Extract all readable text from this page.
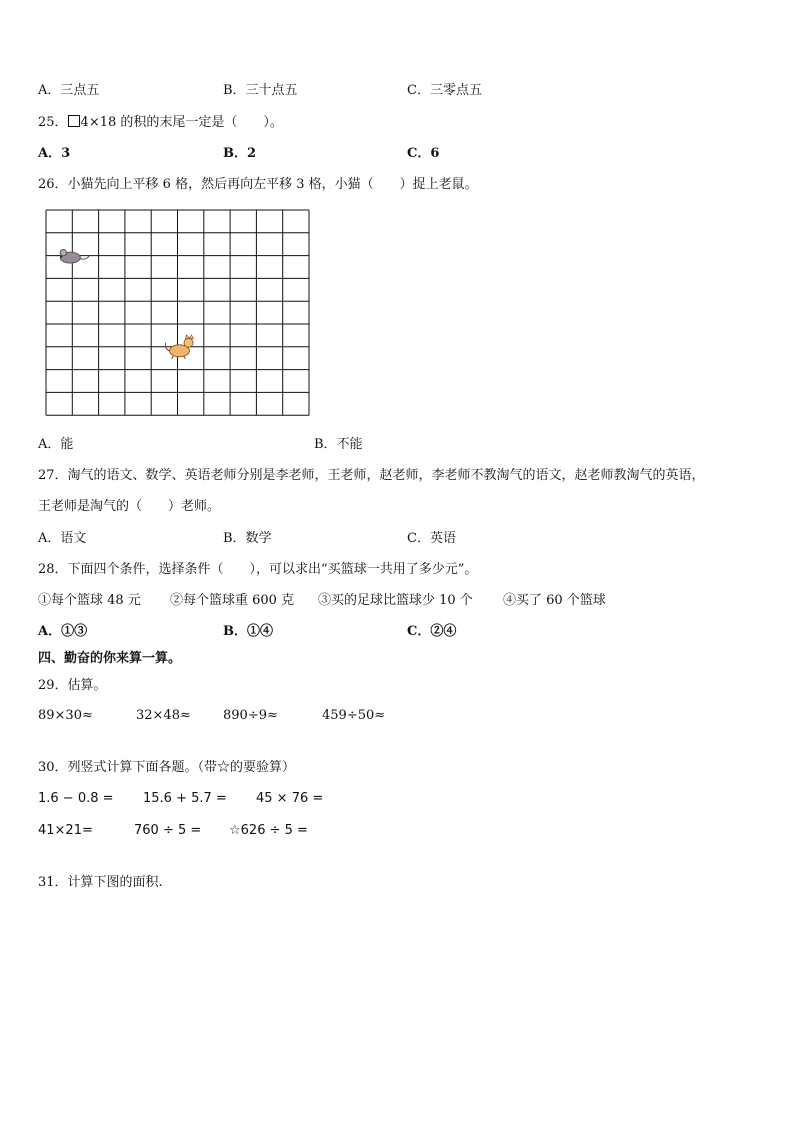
A．三点五	B．三十点五	C．三零点五
25． 4×18 的积的末尾一定是（　　）。
A．3	B．2	C．6
26．小猫先向上平移 6 格，然后再向左平移 3 格，小猫（　　）捉上老鼠。
A．能	B．不能
27．淘气的语文、数学、英语老师分别是李老师，王老师，赵老师，李老师不教淘气的语文，赵老师教淘气的英语，
王老师是淘气的（　　）老师。
A．语文	B．数学	C．英语
28．下面四个条件，选择条件（　　），可以求出“买篮球一共用了多少元”。
①每个篮球 48 元 ②每个篮球重 600 克 ③买的足球比篮球少 10 个 ④买了 60 个篮球
A．①③	B．①④	C．②④
四、勤奋的你来算一算。
29．估算。
89×30≈	32×48≈ 890÷9≈	459÷50≈
30．列竖式计算下面各题。（带☆的要验算）
1.6 − 0.8 = 15.6 + 5.7 = 45 × 76 =
41×21=	760 ÷ 5 = ☆626 ÷ 5 =
31．计算下图的面积.
